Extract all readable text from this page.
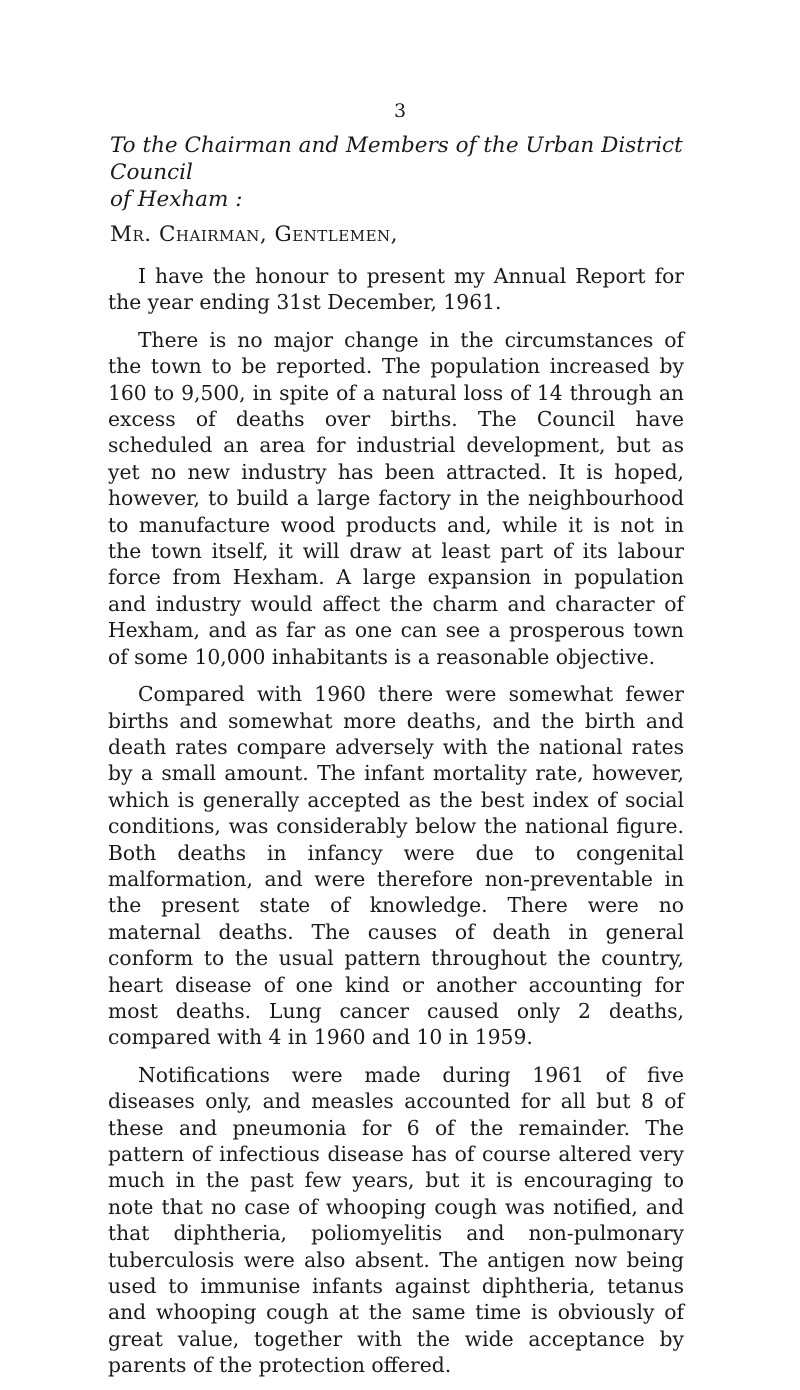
3
To the Chairman and Members of the Urban District Council
of Hexham :
Mr. Chairman, Gentlemen,

I have the honour to present my Annual Report for the year ending 31st December, 1961.

There is no major change in the circumstances of the town to be reported. The population increased by 160 to 9,500, in spite of a natural loss of 14 through an excess of deaths over births. The Council have scheduled an area for industrial development, but as yet no new industry has been attracted. It is hoped, however, to build a large factory in the neighbourhood to manufacture wood products and, while it is not in the town itself, it will draw at least part of its labour force from Hexham. A large expansion in population and industry would affect the charm and character of Hexham, and as far as one can see a prosperous town of some 10,000 inhabitants is a reasonable objective.

Compared with 1960 there were somewhat fewer births and somewhat more deaths, and the birth and death rates compare adversely with the national rates by a small amount. The infant mortality rate, however, which is generally accepted as the best index of social conditions, was considerably below the national figure. Both deaths in infancy were due to congenital malformation, and were therefore non-preventable in the present state of knowledge. There were no maternal deaths. The causes of death in general conform to the usual pattern throughout the country, heart disease of one kind or another accounting for most deaths. Lung cancer caused only 2 deaths, compared with 4 in 1960 and 10 in 1959.

Notifications were made during 1961 of five diseases only, and measles accounted for all but 8 of these and pneumonia for 6 of the remainder. The pattern of infectious disease has of course altered very much in the past few years, but it is encouraging to note that no case of whooping cough was notified, and that diphtheria, poliomyelitis and non-pulmonary tuberculosis were also absent. The antigen now being used to immunise infants against diphtheria, tetanus and whooping cough at the same time is obviously of great value, together with the wide acceptance by parents of the protection offered.
